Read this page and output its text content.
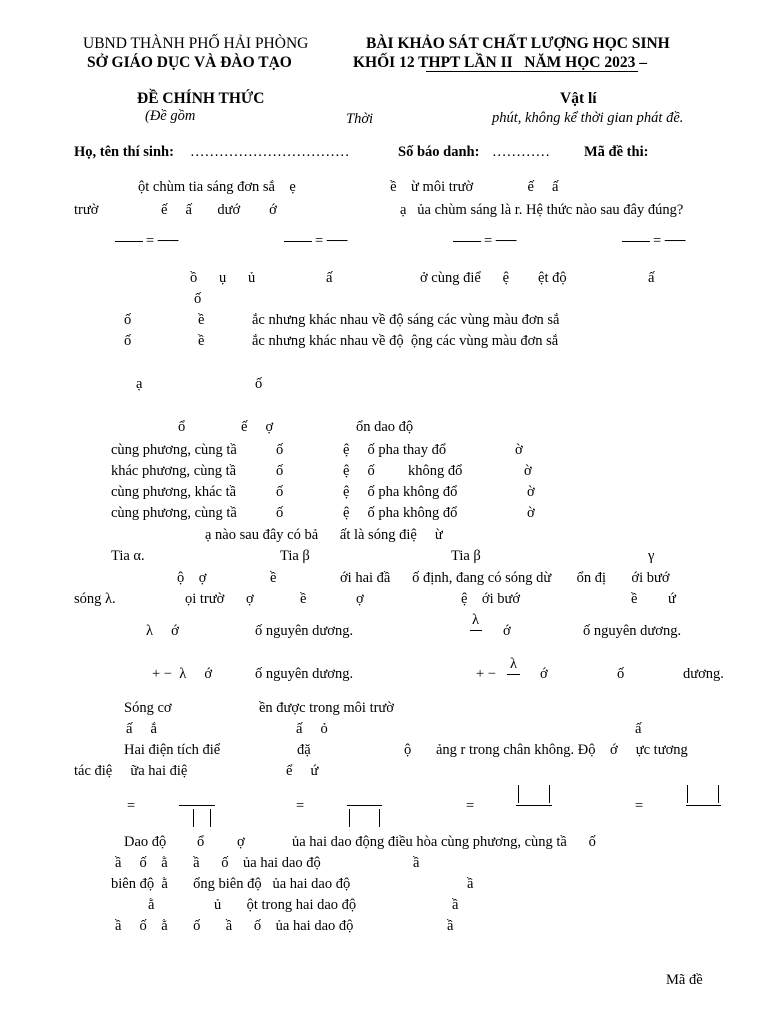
UBND THÀNH PHỐ HẢI PHÒNG
SỞ GIÁO DỤC VÀ ĐÀO TẠO
BÀI KHẢO SÁT CHẤT LƯỢNG HỌC SINH
KHỐI 12 THPT LẦN II   NĂM HỌC 2023 –
ĐỀ CHÍNH THỨC	Vật lí
(Đề gồm	Thời	phút, không kể thời gian phát đề.
Họ, tên thí sinh: ……………………………	Số báo danh: ………… Mã đề thi:
ột chùm tia sáng đơn sắ    ẹ                          ề    ừ môi trườ               ế     ấ
trườ	ế     ấ       dướ        ớ	ạ   ủa chùm sáng là r. Hệ thức nào sau đây đúng?
= ──	= ──	= ──	= ──
ồ      ụ      ủ	ấ	ở cùng điể      ệ        ệt độ	ấ
ố
ố	ề	ắc nhưng khác nhau về độ sáng các vùng màu đơn sắ
ố	ề	ắc nhưng khác nhau về độ  ộng các vùng màu đơn sắ
ạ	ố
ổ	ế     ợ	ổn dao độ
cùng phương, cùng tầ	ố	ệ     ố pha thay đổ	ờ
khác phương, cùng tầ	ố	ệ     ố không đổ	ờ
cùng phương, khác tầ	ố	ệ     ố pha không đổ	ờ
cùng phương, cùng tầ	ố	ệ     ố pha không đổ	ờ
ạ nào sau đây có bả      ất là sóng điệ     ừ
Tia α.	Tia β	Tia β	γ
ộ    ợ	ề	ới hai đầ      ố định, đang có sóng dừ       ổn đị       ới bướ
sóng λ.	ọi trườ      ợ	ề	ợ	ệ    ới bướ	ề ứ
λ     ớ	ố nguyên dương.
λ
ớ	ố nguyên dương.
+ −  λ     ớ	ố nguyên dương.	+ −
λ
ớ	ố	dương.
Sóng cơ	ền được trong môi trườ
ấ     ắ	ấ     ỏ	ấ
Hai điện tích điể	đặ	ộ ảng r trong chân không. Độ    ớ     ực tương
tác điệ     ữa hai điệ	ể     ứ
=	=	=	=
Dao độ ổ ợ	ủa hai dao động điều hòa cùng phương, cùng tầ      ố
ầ     ố    ằ       ầ      ố    ủa hai dao độ	ầ
biên độ  ằ       ổng biên độ   ủa hai dao độ	ầ
ằ	ủ       ột trong hai dao độ	ầ
ầ     ố    ằ       ố       ầ      ố    ủa hai dao độ	ầ
Mã đề
